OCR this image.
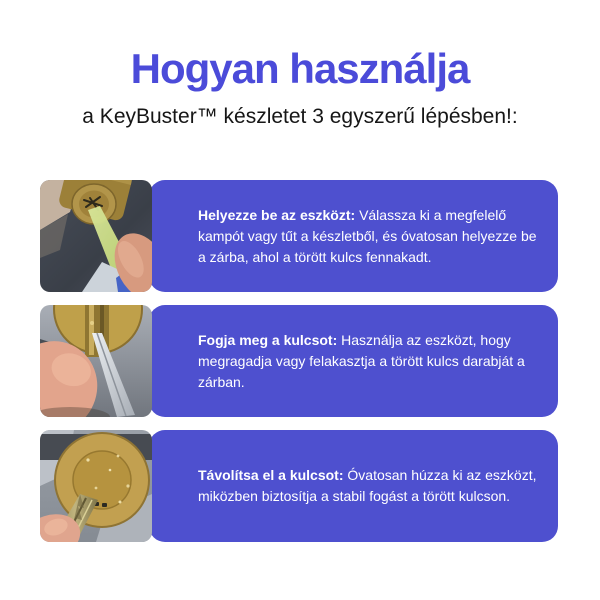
Hogyan használja
a KeyBuster™ készletet 3 egyszerű lépésben!:

Helyezze be az eszközt: Válassza ki a megfelelő kampót vagy tűt a készletből, és óvatosan helyezze be a zárba, ahol a törött kulcs fennakadt.

Fogja meg a kulcsot: Használja az eszközt, hogy megragadja vagy felakasztja a törött kulcs darabját a zárban.

Távolítsa el a kulcsot: Óvatosan húzza ki az eszközt, miközben biztosítja a stabil fogást a törött kulcson.
